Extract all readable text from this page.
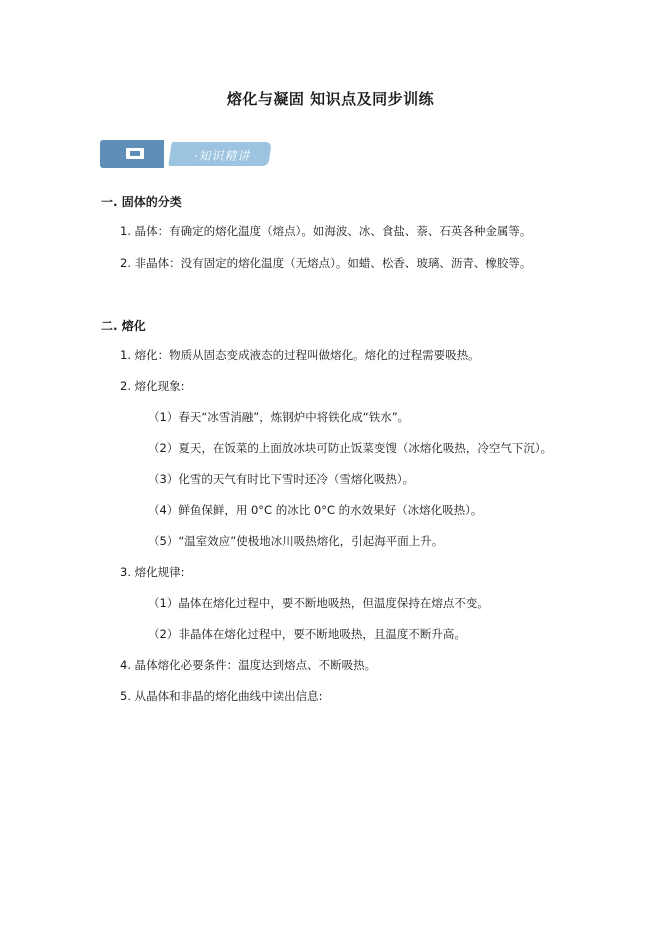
熔化与凝固 知识点及同步训练
·知识精讲
一. 固体的分类
1. 晶体：有确定的熔化温度（熔点）。如海波、冰、食盐、萘、石英各种金属等。
2. 非晶体：没有固定的熔化温度（无熔点）。如蜡、松香、玻璃、沥青、橡胶等。
二. 熔化
1. 熔化：物质从固态变成液态的过程叫做熔化。熔化的过程需要吸热。
2. 熔化现象:
（1）春天“冰雪消融”，炼钢炉中将铁化成“铁水”。
（2）夏天，在饭菜的上面放冰块可防止饭菜变馊（冰熔化吸热，冷空气下沉）。
（3）化雪的天气有时比下雪时还冷（雪熔化吸热）。
（4）鲜鱼保鲜，用 0°C 的冰比 0°C 的水效果好（冰熔化吸热）。
（5）“温室效应”使极地冰川吸热熔化，引起海平面上升。
3. 熔化规律:
（1）晶体在熔化过程中，要不断地吸热，但温度保持在熔点不变。
（2）非晶体在熔化过程中，要不断地吸热，且温度不断升高。
4. 晶体熔化必要条件：温度达到熔点、不断吸热。
5. 从晶体和非晶的熔化曲线中读出信息:
